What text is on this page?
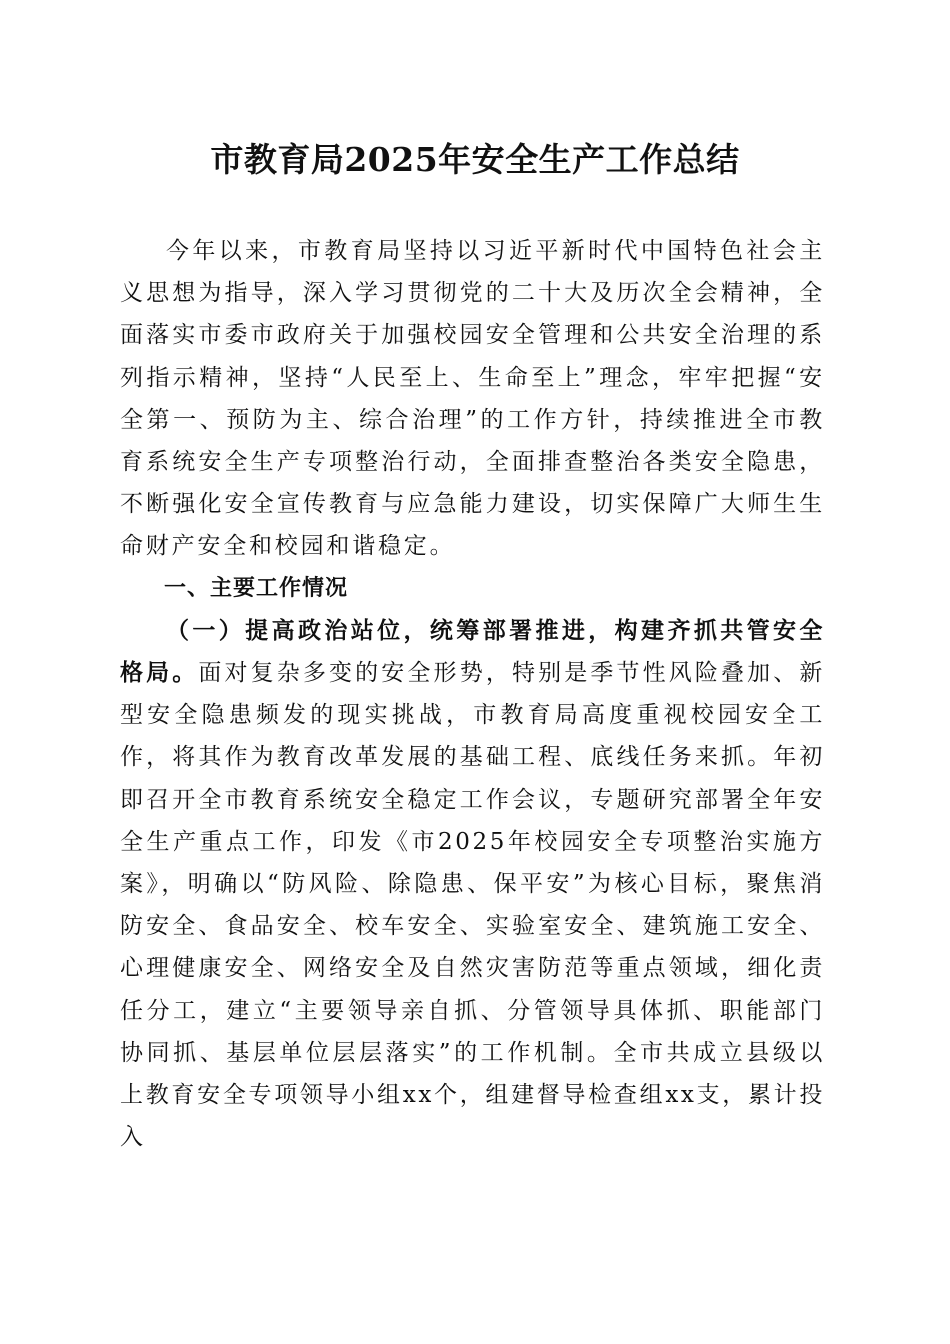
市教育局2025年安全生产工作总结

今年以来，市教育局坚持以习近平新时代中国特色社会主义思想为指导，深入学习贯彻党的二十大及历次全会精神，全面落实市委市政府关于加强校园安全管理和公共安全治理的系列指示精神，坚持“人民至上、生命至上”理念，牢牢把握“安全第一、预防为主、综合治理”的工作方针，持续推进全市教育系统安全生产专项整治行动，全面排查整治各类安全隐患，不断强化安全宣传教育与应急能力建设，切实保障广大师生生命财产安全和校园和谐稳定。

一、主要工作情况

（一）提高政治站位，统筹部署推进，构建齐抓共管安全格局。面对复杂多变的安全形势，特别是季节性风险叠加、新型安全隐患频发的现实挑战，市教育局高度重视校园安全工作，将其作为教育改革发展的基础工程、底线任务来抓。年初即召开全市教育系统安全稳定工作会议，专题研究部署全年安全生产重点工作，印发《市2025年校园安全专项整治实施方案》，明确以“防风险、除隐患、保平安”为核心目标，聚焦消防安全、食品安全、校车安全、实验室安全、建筑施工安全、心理健康安全、网络安全及自然灾害防范等重点领域，细化责任分工，建立“主要领导亲自抓、分管领导具体抓、职能部门协同抓、基层单位层层落实”的工作机制。全市共成立县级以上教育安全专项领导小组xx个，组建督导检查组xx支，累计投入
